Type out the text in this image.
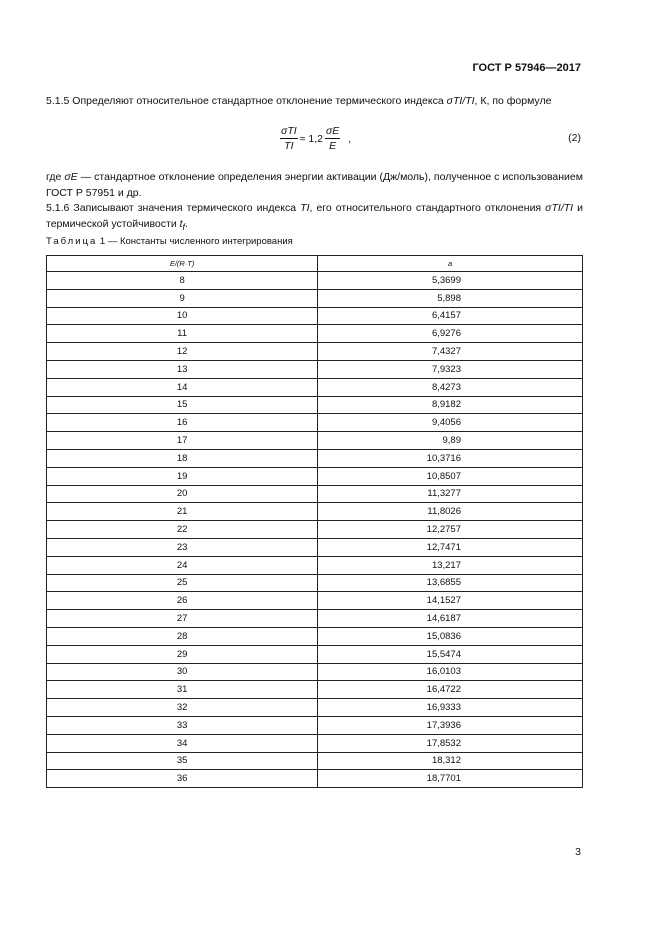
ГОСТ Р 57946—2017
5.1.5 Определяют относительное стандартное отклонение термического индекса σTI/TI, К, по формуле
$\frac{\text{σTI}}{TI} \approx 1,2 \frac{\sigma E}{E}$ ,	(2)
где σE — стандартное отклонение определения энергии активации (Дж/моль), полученное с использованием ГОСТ Р 57951 и др.
5.1.6 Записывают значения термического индекса TI, его относительного стандартного отклонения σTI/TI и термической устойчивости $t_f$.
Таблица 1 — Константы численного интегрирования
E/(R·T)	a
8	5,3699
9	5,898
10	6,4157
11	6,9276
12	7,4327
13	7,9323
14	8,4273
15	8,9182
16	9,4056
17	9,89
18	10,3716
19	10,8507
20	11,3277
21	11,8026
22	12,2757
23	12,7471
24	13,217
25	13,6855
26	14,1527
27	14,6187
28	15,0836
29	15,5474
30	16,0103
31	16,4722
32	16,9333
33	17,3936
34	17,8532
35	18,312
36	18,7701
3
